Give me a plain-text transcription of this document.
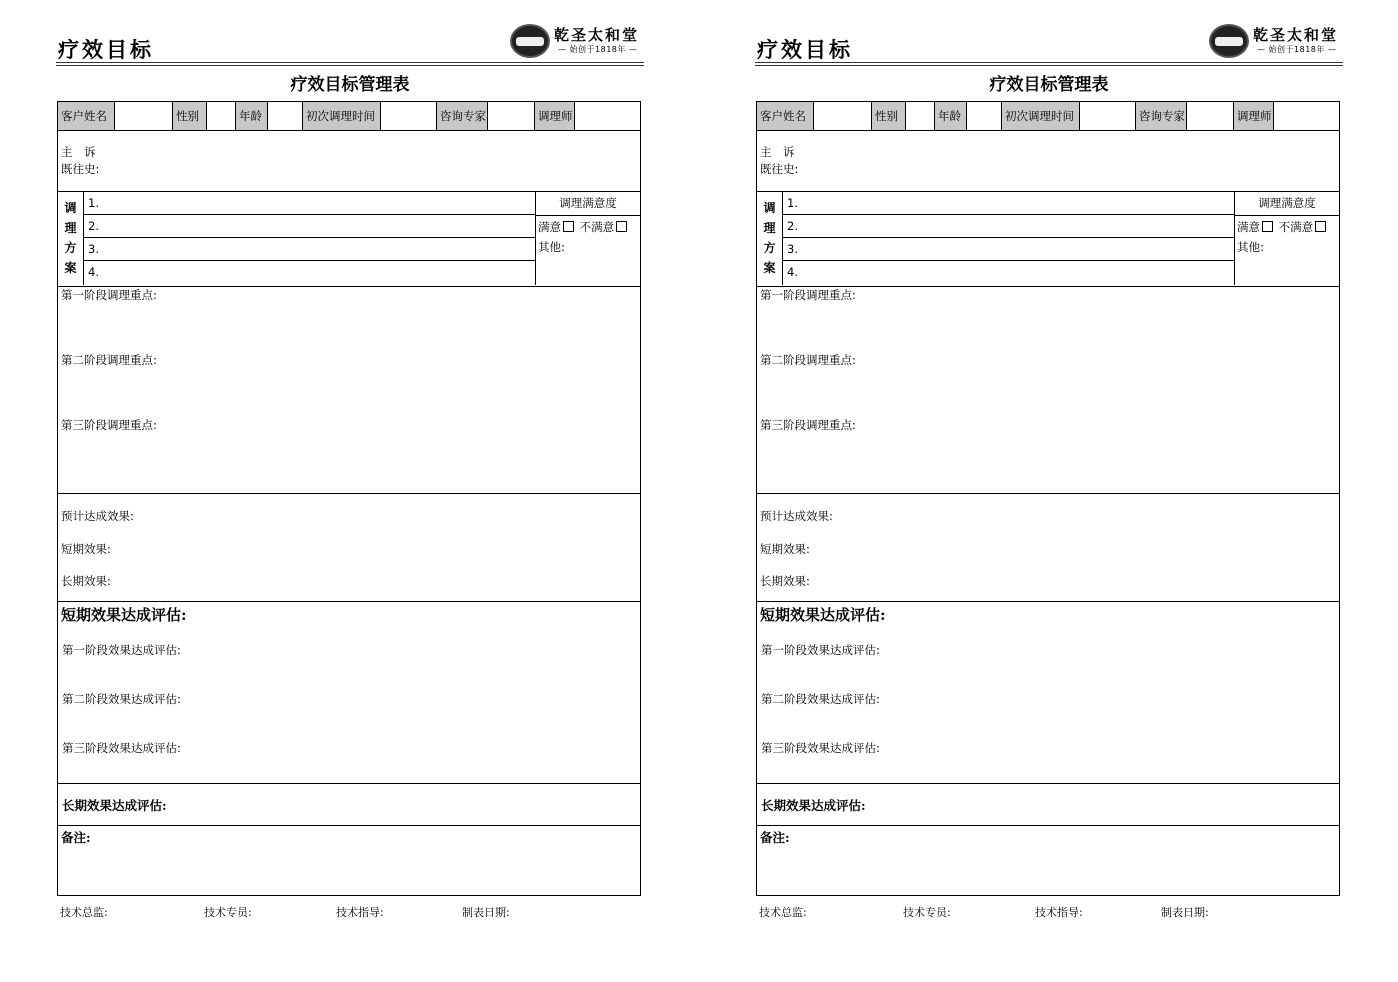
疗效目标
乾圣太和堂
— 始创于1818年 —
疗效目标管理表
客户姓名	性别	年龄	初次调理时间	咨询专家	调理师
主　诉
既往史:
调
理
方
案
1.
2.
3.
4.
调理满意度
满意 不满意
其他:
第一阶段调理重点:
第二阶段调理重点:
第三阶段调理重点:
预计达成效果:
短期效果:
长期效果:
短期效果达成评估:
第一阶段效果达成评估:
第二阶段效果达成评估:
第三阶段效果达成评估:
长期效果达成评估:
备注:
技术总监:	技术专员:	技术指导:	制表日期:
疗效目标
乾圣太和堂
— 始创于1818年 —
疗效目标管理表
客户姓名	性别	年龄	初次调理时间	咨询专家	调理师
主　诉
既往史:
调
理
方
案
1.
2.
3.
4.
调理满意度
满意 不满意
其他:
第一阶段调理重点:
第二阶段调理重点:
第三阶段调理重点:
预计达成效果:
短期效果:
长期效果:
短期效果达成评估:
第一阶段效果达成评估:
第二阶段效果达成评估:
第三阶段效果达成评估:
长期效果达成评估:
备注:
技术总监:	技术专员:	技术指导:	制表日期:
